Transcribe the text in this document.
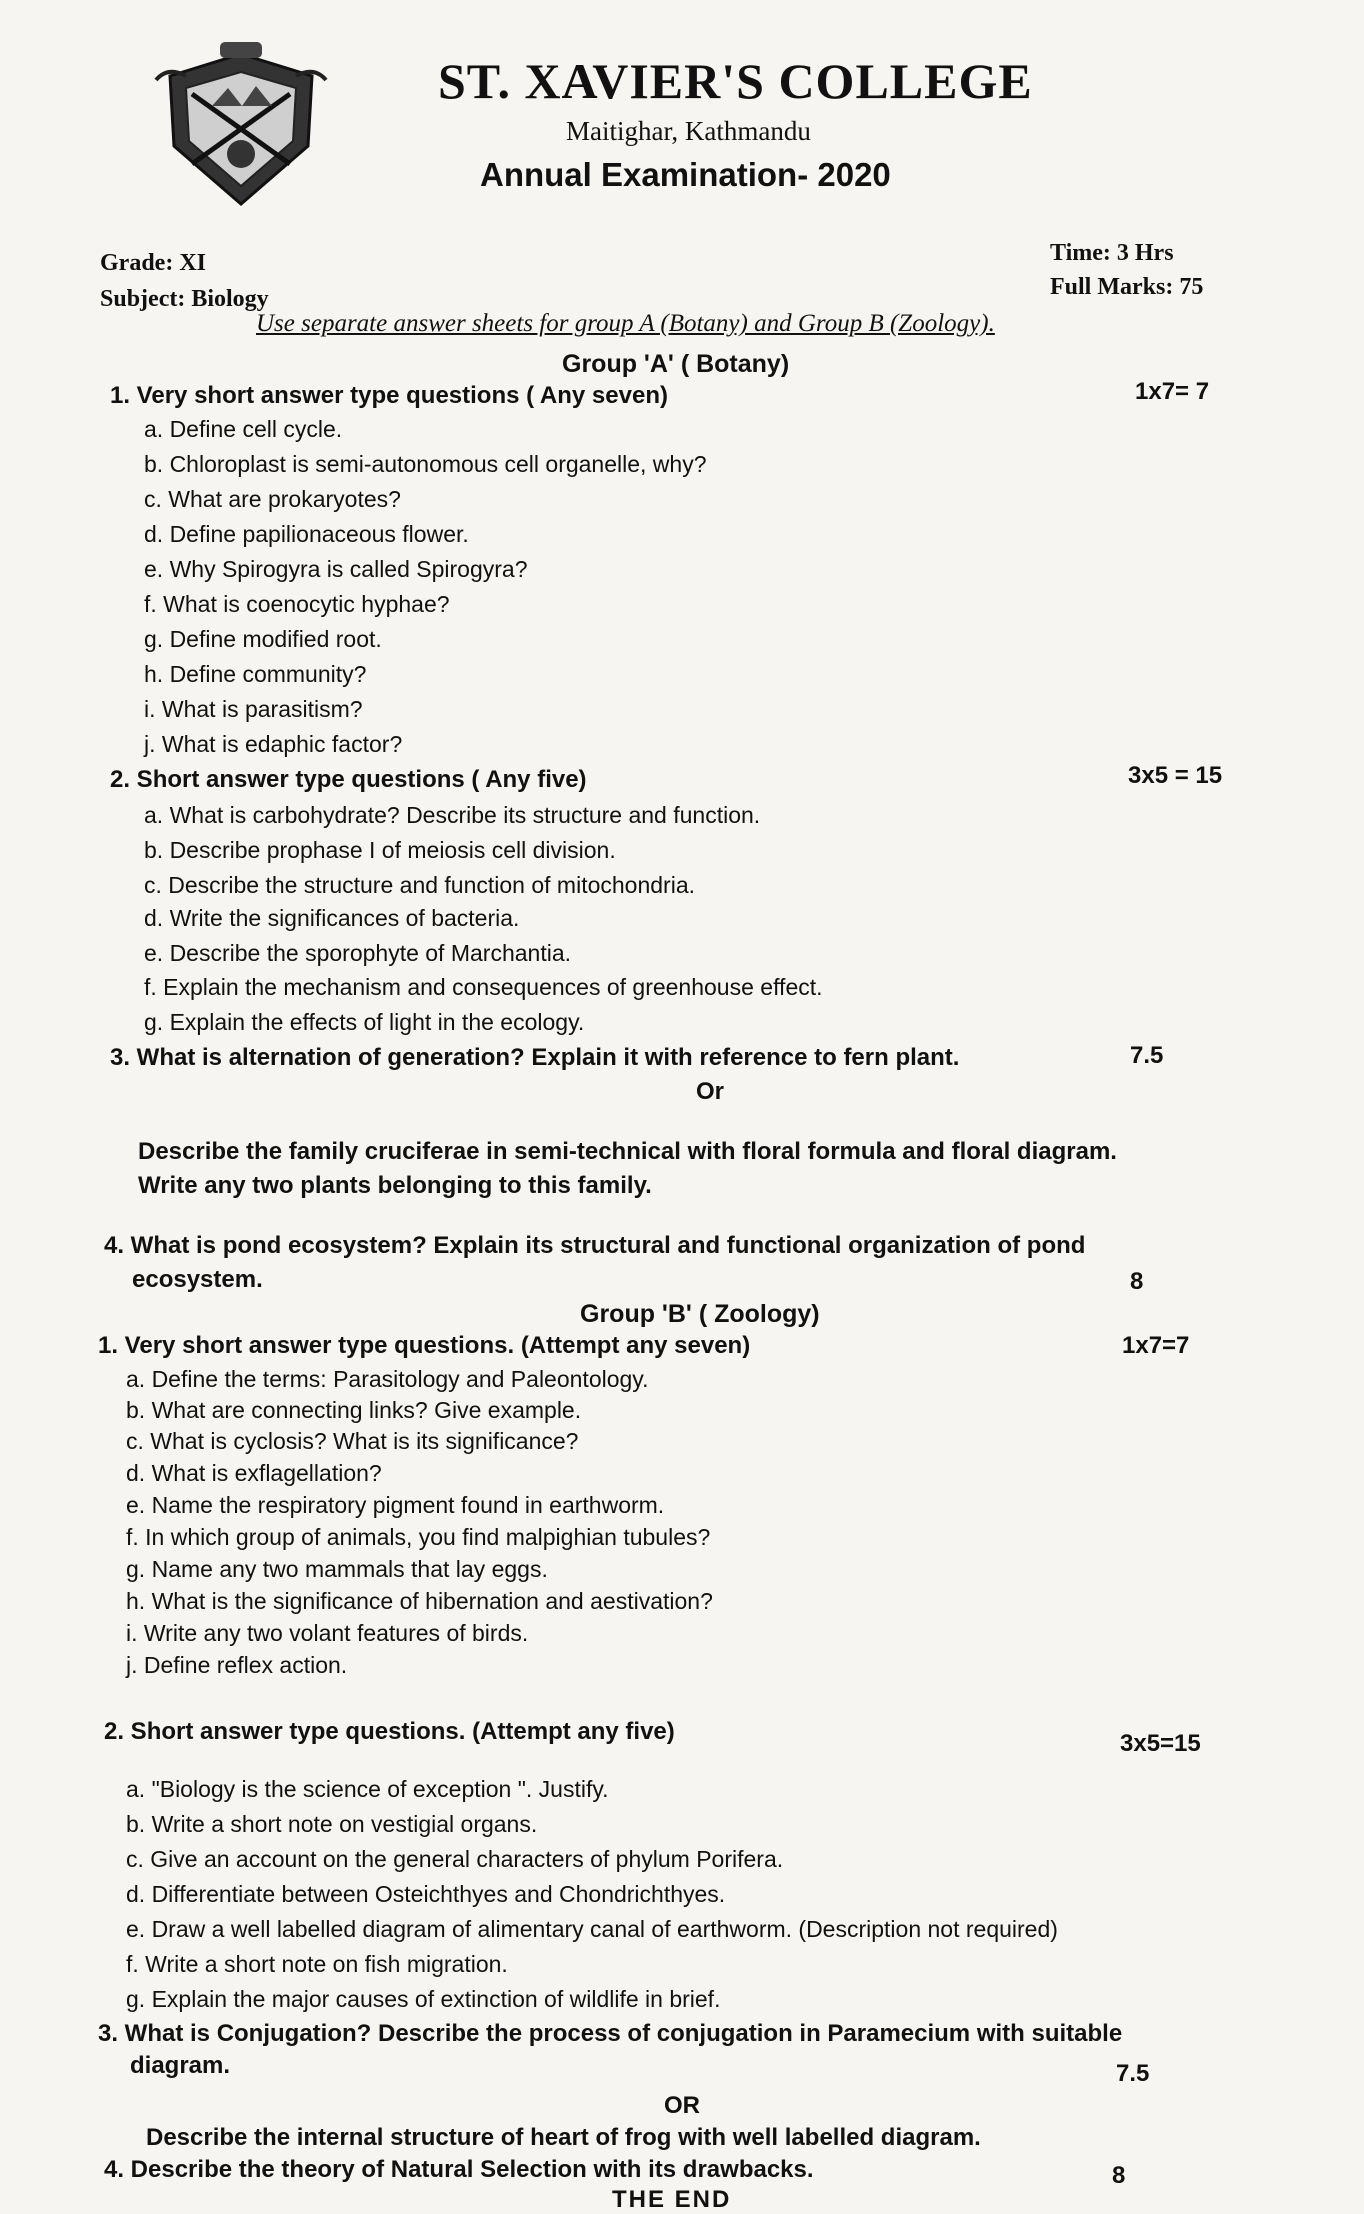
ST. XAVIER'S COLLEGE
Maitighar, Kathmandu
Annual Examination- 2020
Grade: XI
Subject: Biology
Time: 3 Hrs
Full Marks: 75
Use separate answer sheets for group A (Botany) and Group B (Zoology).
Group 'A' ( Botany)
1. Very short answer type questions ( Any seven)	1x7= 7
a. Define cell cycle.
b. Chloroplast is semi-autonomous cell organelle, why?
c. What are prokaryotes?
d. Define papilionaceous flower.
e. Why Spirogyra is called Spirogyra?
f. What is coenocytic hyphae?
g. Define modified root.
h. Define community?
i. What is parasitism?
j. What is edaphic factor?
2. Short answer type questions ( Any five)	3x5 = 15
a. What is carbohydrate? Describe its structure and function.
b. Describe prophase I of meiosis cell division.
c. Describe the structure and function of mitochondria.
d. Write the significances of bacteria.
e. Describe the sporophyte of Marchantia.
f. Explain the mechanism and consequences of greenhouse effect.
g. Explain the effects of light in the ecology.
3. What is alternation of generation? Explain it with reference to fern plant.	7.5
Or
Describe the family cruciferae in semi-technical with floral formula and floral diagram.
Write any two plants belonging to this family.
4. What is pond ecosystem? Explain its structural and functional organization of pond
ecosystem.	8
Group 'B' ( Zoology)
1. Very short answer type questions. (Attempt any seven)	1x7=7
a. Define the terms: Parasitology and Paleontology.
b. What are connecting links? Give example.
c. What is cyclosis? What is its significance?
d. What is exflagellation?
e. Name the respiratory pigment found in earthworm.
f. In which group of animals, you find malpighian tubules?
g. Name any two mammals that lay eggs.
h. What is the significance of hibernation and aestivation?
i. Write any two volant features of birds.
j. Define reflex action.
2. Short answer type questions. (Attempt any five)	3x5=15
a. "Biology is the science of exception ". Justify.
b. Write a short note on vestigial organs.
c. Give an account on the general characters of phylum Porifera.
d. Differentiate between Osteichthyes and Chondrichthyes.
e. Draw a well labelled diagram of alimentary canal of earthworm. (Description not required)
f. Write a short note on fish migration.
g. Explain the major causes of extinction of wildlife in brief.
3. What is Conjugation? Describe the process of conjugation in Paramecium with suitable
diagram.	7.5
OR
Describe the internal structure of heart of frog with well labelled diagram.
4. Describe the theory of Natural Selection with its drawbacks.	8
THE END
